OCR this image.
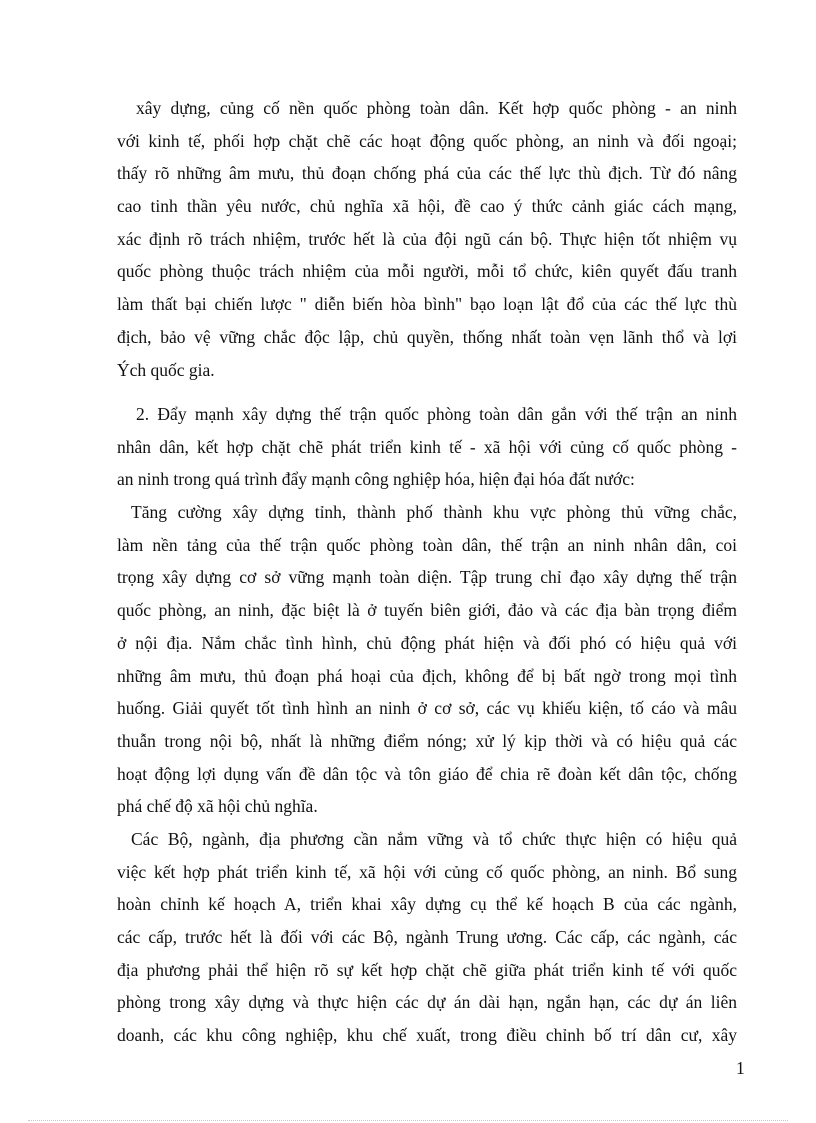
xây dựng, củng cố nền quốc phòng toàn dân. Kết hợp quốc phòng - an ninh
với kinh tế, phối hợp chặt chẽ các hoạt động quốc phòng, an ninh và đối ngoại;
thấy rõ những âm mưu, thủ đoạn chống phá của các thế lực thù địch. Từ đó nâng
cao tinh thần yêu nước, chủ nghĩa xã hội, đề cao ý thức cảnh giác cách mạng,
xác định rõ trách nhiệm, trước hết là của đội ngũ cán bộ. Thực hiện tốt nhiệm vụ
quốc phòng thuộc trách nhiệm của mỗi người, mỗi tổ chức, kiên quyết đấu tranh
làm thất bại chiến lược " diễn biến hòa bình" bạo loạn lật đổ của các thế lực thù
địch, bảo vệ vững chắc độc lập, chủ quyền, thống nhất toàn vẹn lãnh thổ và lợi
Ých quốc gia.
2. Đẩy mạnh xây dựng thế trận quốc phòng toàn dân gắn với thế trận an ninh
nhân dân, kết hợp chặt chẽ phát triển kinh tế - xã hội với củng cố quốc phòng -
an ninh trong quá trình đẩy mạnh công nghiệp hóa, hiện đại hóa đất nước:
Tăng cường xây dựng tỉnh, thành phố thành khu vực phòng thủ vững chắc,
làm nền tảng của thế trận quốc phòng toàn dân, thế trận an ninh nhân dân, coi
trọng xây dựng cơ sở vững mạnh toàn diện. Tập trung chỉ đạo xây dựng thế trận
quốc phòng, an ninh, đặc biệt là ở tuyến biên giới, đảo và các địa bàn trọng điểm
ở nội địa. Nắm chắc tình hình, chủ động phát hiện và đối phó có hiệu quả với
những âm mưu, thủ đoạn phá hoại của địch, không để bị bất ngờ trong mọi tình
huống. Giải quyết tốt tình hình an ninh ở cơ sở, các vụ khiếu kiện, tố cáo và mâu
thuẫn trong nội bộ, nhất là những điểm nóng; xử lý kịp thời và có hiệu quả các
hoạt động lợi dụng vấn đề dân tộc và tôn giáo để chia rẽ đoàn kết dân tộc, chống
phá chế độ xã hội chủ nghĩa.
Các Bộ, ngành, địa phương cần nắm vững và tổ chức thực hiện có hiệu quả
việc kết hợp phát triển kinh tế, xã hội với củng cố quốc phòng, an ninh. Bổ sung
hoàn chỉnh kế hoạch A, triển khai xây dựng cụ thể kế hoạch B của các ngành,
các cấp, trước hết là đối với các Bộ, ngành Trung ương. Các cấp, các ngành, các
địa phương phải thể hiện rõ sự kết hợp chặt chẽ giữa phát triển kinh tế với quốc
phòng trong xây dựng và thực hiện các dự án dài hạn, ngắn hạn, các dự án liên
doanh, các khu công nghiệp, khu chế xuất, trong điều chỉnh bố trí dân cư, xây
1
